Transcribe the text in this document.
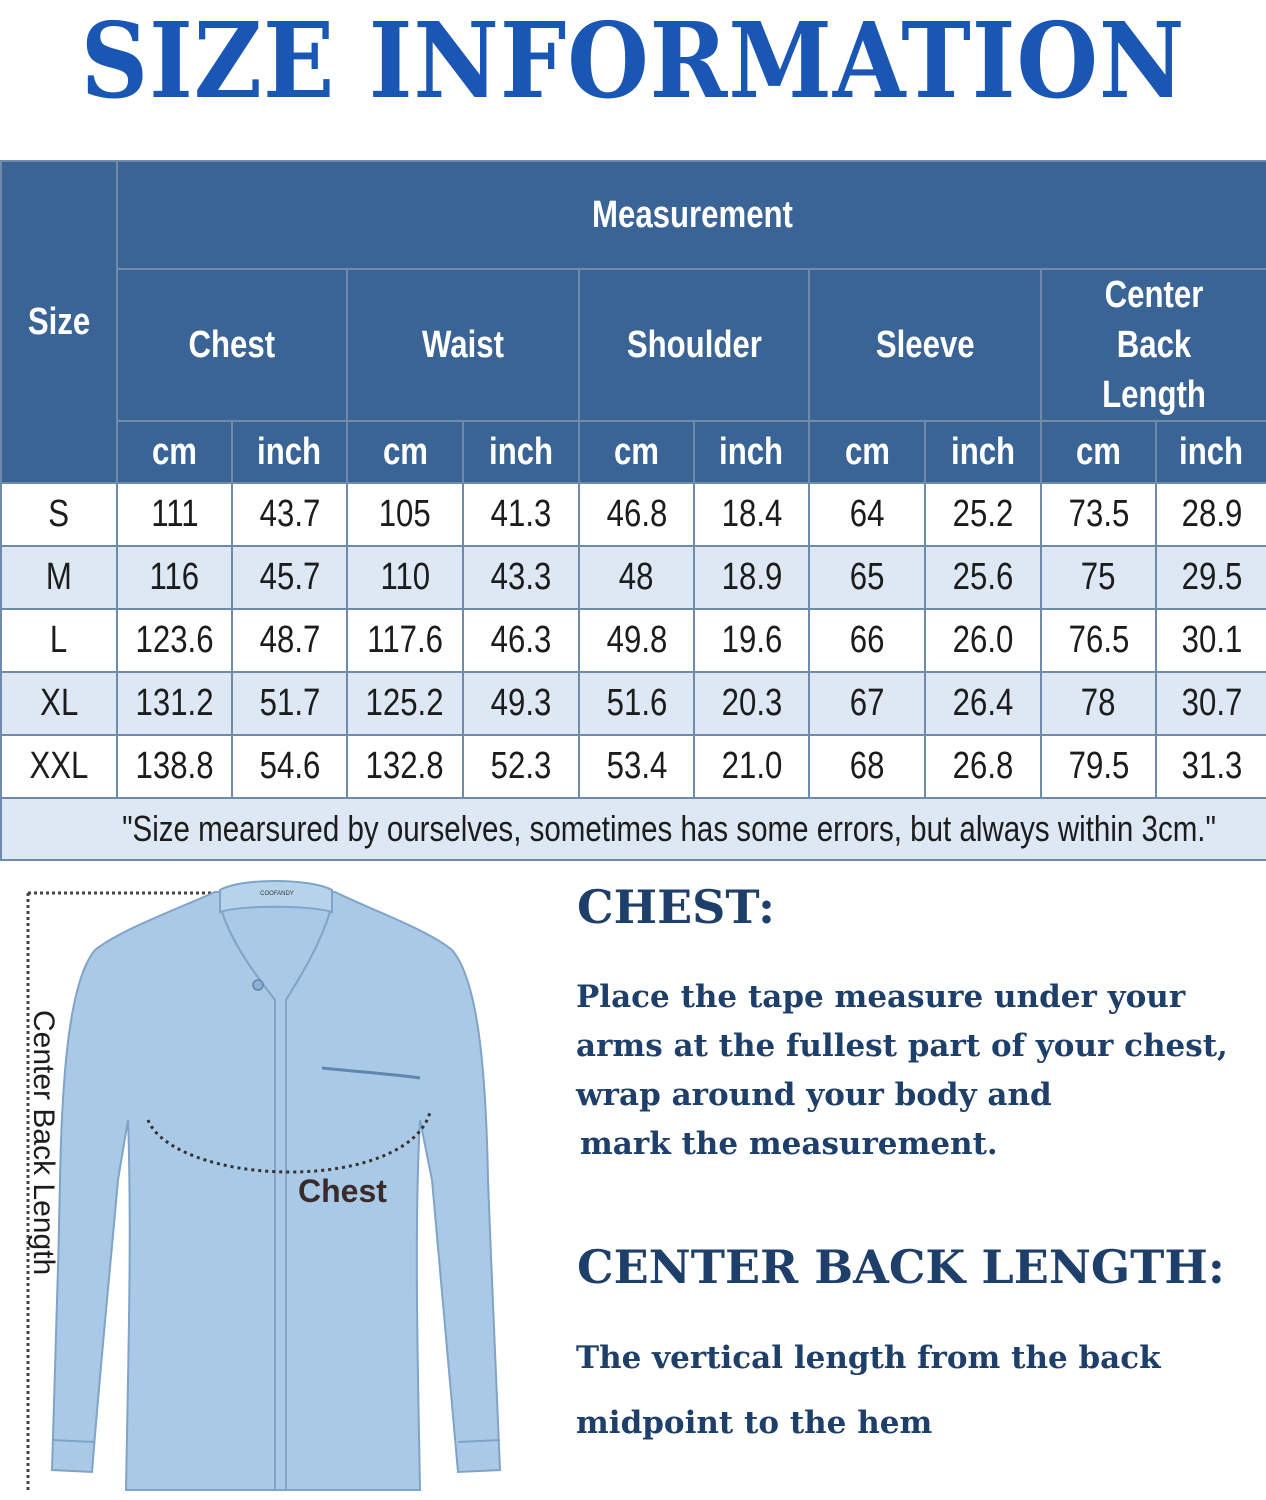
SIZE INFORMATION
Size	Measurement									
	Chest		Waist		Shoulder		Sleeve		Center Back Length	
	cm	inch	cm	inch	cm	inch	cm	inch	cm	inch
S	111	43.7	105	41.3	46.8	18.4	64	25.2	73.5	28.9
M	116	45.7	110	43.3	48	18.9	65	25.6	75	29.5
L	123.6	48.7	117.6	46.3	49.8	19.6	66	26.0	76.5	30.1
XL	131.2	51.7	125.2	49.3	51.6	20.3	67	26.4	78	30.7
XXL	138.8	54.6	132.8	52.3	53.4	21.0	68	26.8	79.5	31.3
"Size mearsured by ourselves, sometimes has some errors, but always within 3cm."										
COOFANDY
Center Back Length	Chest
CHEST:
Place the tape measure under your
arms at the fullest part of your chest,
wrap around your body and
mark the measurement.
CENTER BACK LENGTH:
The vertical length from the back
midpoint to the hem
